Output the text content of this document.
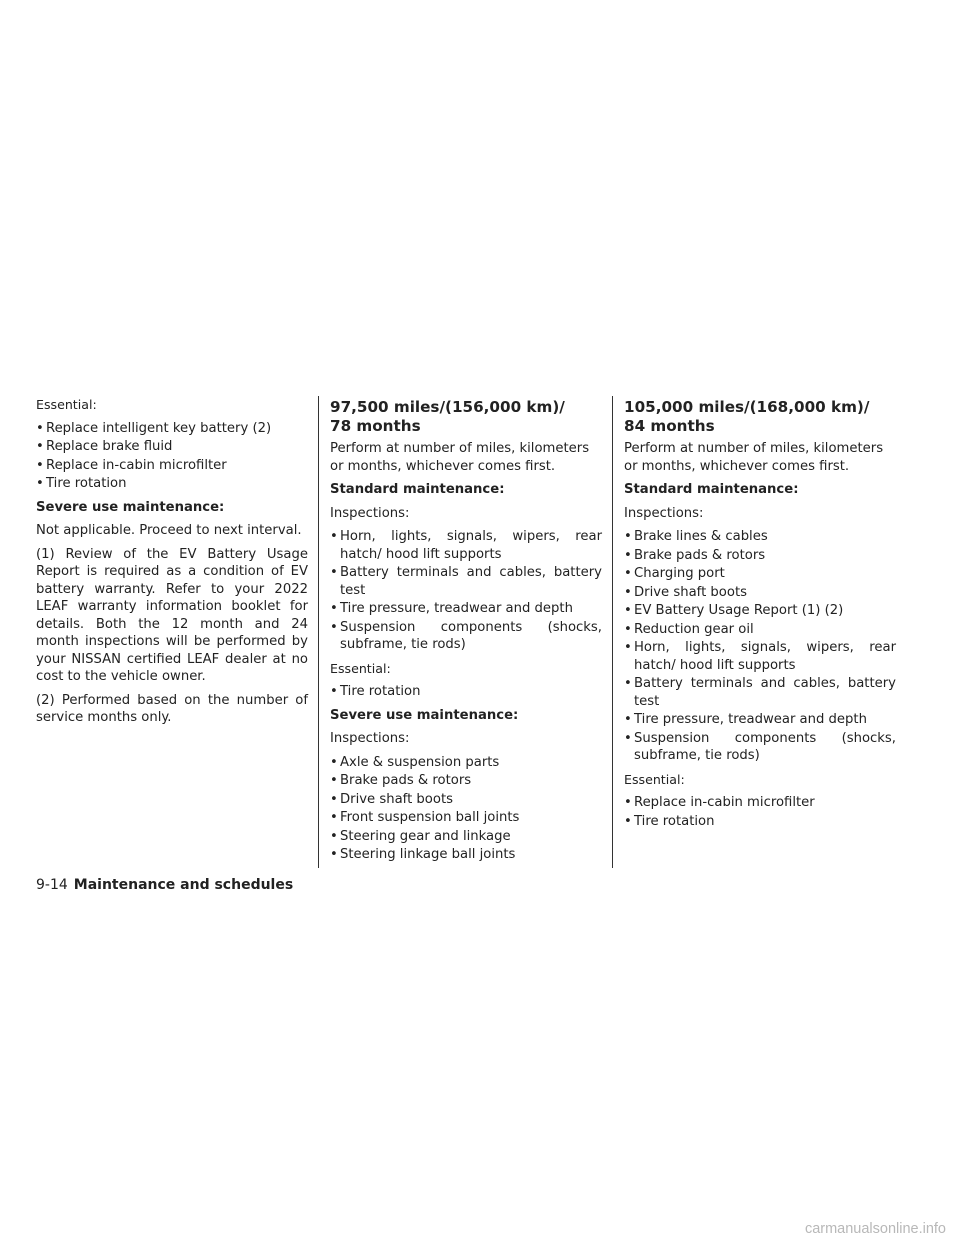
Essential:

• Replace intelligent key battery (2)
• Replace brake fluid
• Replace in-cabin microfilter
• Tire rotation

Severe use maintenance:

Not applicable. Proceed to next interval.

(1) Review of the EV Battery Usage Report is required as a condition of EV battery warranty. Refer to your 2022 LEAF warranty information booklet for details. Both the 12 month and 24 month inspections will be performed by your NISSAN certified LEAF dealer at no cost to the vehicle owner.

(2) Performed based on the number of service months only.

97,500 miles/(156,000 km)/
78 months

Perform at number of miles, kilometers or months, whichever comes first.

Standard maintenance:

Inspections:

• Horn, lights, signals, wipers, rear hatch/ hood lift supports
• Battery terminals and cables, battery test
• Tire pressure, treadwear and depth
• Suspension components (shocks, subframe, tie rods)

Essential:

• Tire rotation

Severe use maintenance:

Inspections:

• Axle & suspension parts
• Brake pads & rotors
• Drive shaft boots
• Front suspension ball joints
• Steering gear and linkage
• Steering linkage ball joints
105,000 miles/(168,000 km)/
84 months

Perform at number of miles, kilometers or months, whichever comes first.

Standard maintenance:

Inspections:

• Brake lines & cables
• Brake pads & rotors
• Charging port
• Drive shaft boots
• EV Battery Usage Report (1) (2)
• Reduction gear oil
• Horn, lights, signals, wipers, rear hatch/ hood lift supports
• Battery terminals and cables, battery test
• Tire pressure, treadwear and depth
• Suspension components (shocks, subframe, tie rods)

Essential:

• Replace in-cabin microfilter
• Tire rotation
9-14 Maintenance and schedules
carmanualsonline.info
